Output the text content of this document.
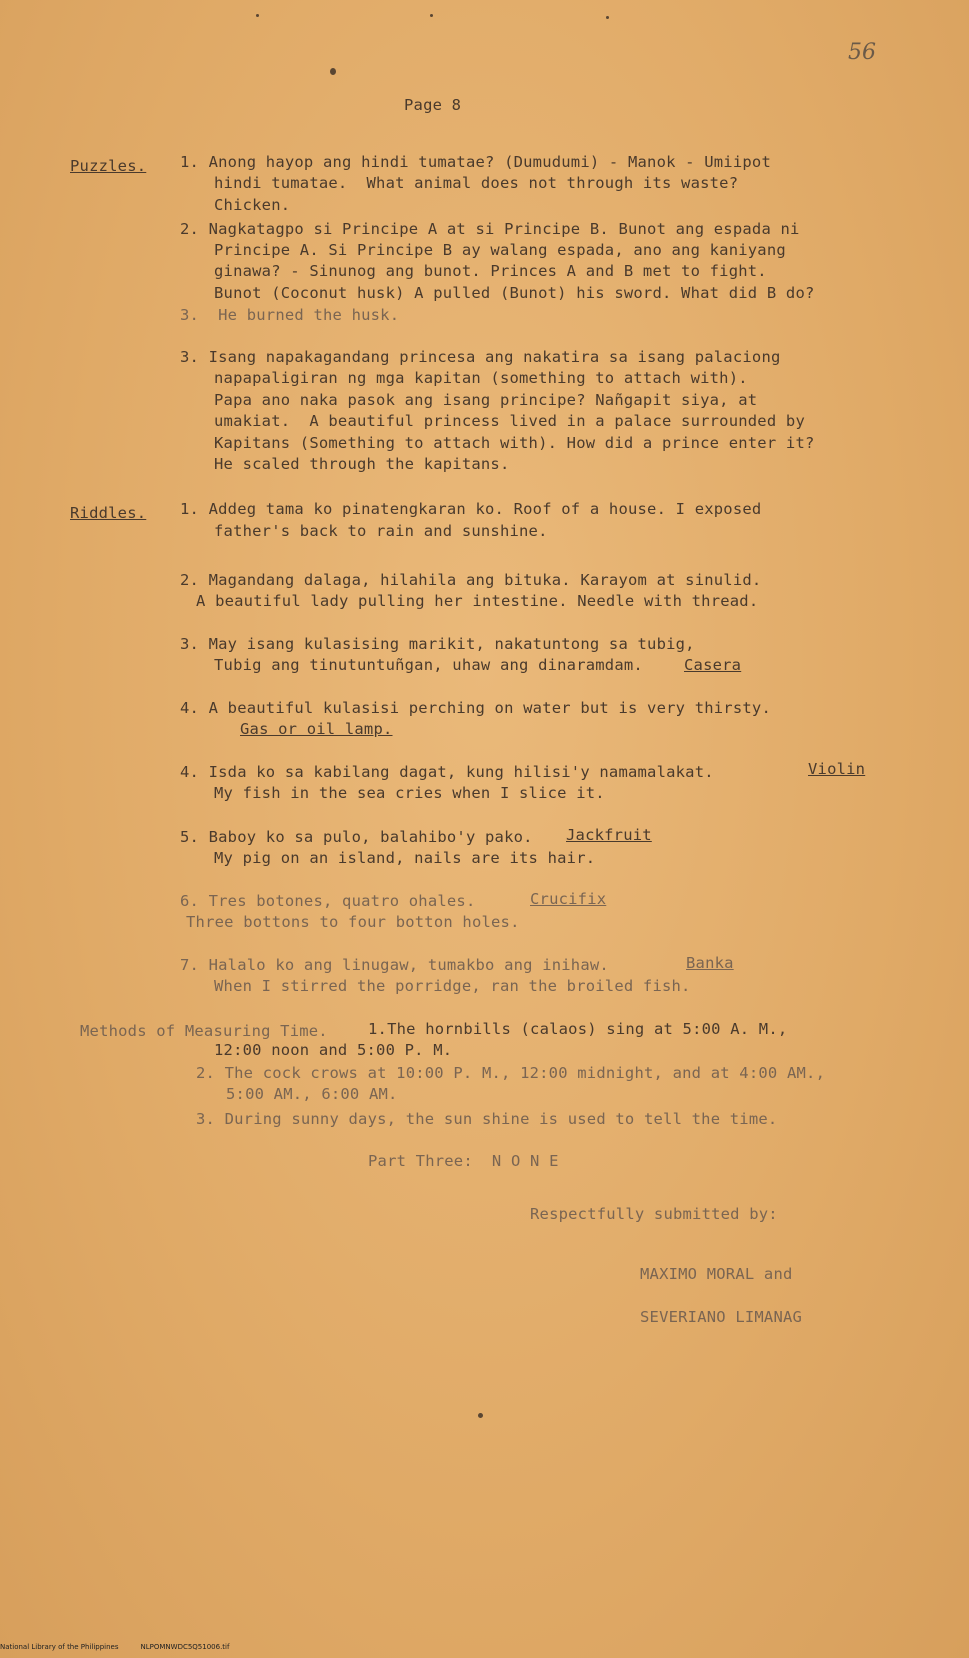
56
Page 8
Puzzles. 1. Anong hayop ang hindi tumatae? (Dumudumi) - Manok - Umiipot
hindi tumatae.  What animal does not through its waste?
Chicken.
2. Nagkatagpo si Principe A at si Principe B. Bunot ang espada ni
Principe A. Si Principe B ay walang espada, ano ang kaniyang
ginawa? - Sinunog ang bunot. Princes A and B met to fight.
Bunot (Coconut husk) A pulled (Bunot) his sword. What did B do?
3.  He burned the husk.
3. Isang napakagandang princesa ang nakatira sa isang palaciong
napapaligiran ng mga kapitan (something to attach with).
Papa ano naka pasok ang isang principe? Nañgapit siya, at
umakiat.  A beautiful princess lived in a palace surrounded by
Kapitans (Something to attach with). How did a prince enter it?
He scaled through the kapitans.
Riddles. 1. Addeg tama ko pinatengkaran ko. Roof of a house. I exposed
father's back to rain and sunshine.
2. Magandang dalaga, hilahila ang bituka. Karayom at sinulid.
A beautiful lady pulling her intestine. Needle with thread.
3. May isang kulasising marikit, nakatuntong sa tubig,
Tubig ang tinutuntuñgan, uhaw ang dinaramdam.	Casera
4. A beautiful kulasisi perching on water but is very thirsty.
Gas or oil lamp.
4. Isda ko sa kabilang dagat, kung hilisi'y namamalakat.	Violin
My fish in the sea cries when I slice it.
5. Baboy ko sa pulo, balahibo'y pako. Jackfruit
My pig on an island, nails are its hair.
6. Tres botones, quatro ohales.	Crucifix
Three bottons to four botton holes.
7. Halalo ko ang linugaw, tumakbo ang inihaw.	Banka
When I stirred the porridge, ran the broiled fish.
Methods of Measuring Time.	1.The hornbills (calaos) sing at 5:00 A. M.,
12:00 noon and 5:00 P. M.
2. The cock crows at 10:00 P. M., 12:00 midnight, and at 4:00 AM.,
5:00 AM., 6:00 AM.
3. During sunny days, the sun shine is used to tell the time.
Part Three:  N O N E
Respectfully submitted by:
MAXIMO MORAL and
SEVERIANO LIMANAG
National Library of the Philippines	NLPOMNWDC5Q51006.tif
